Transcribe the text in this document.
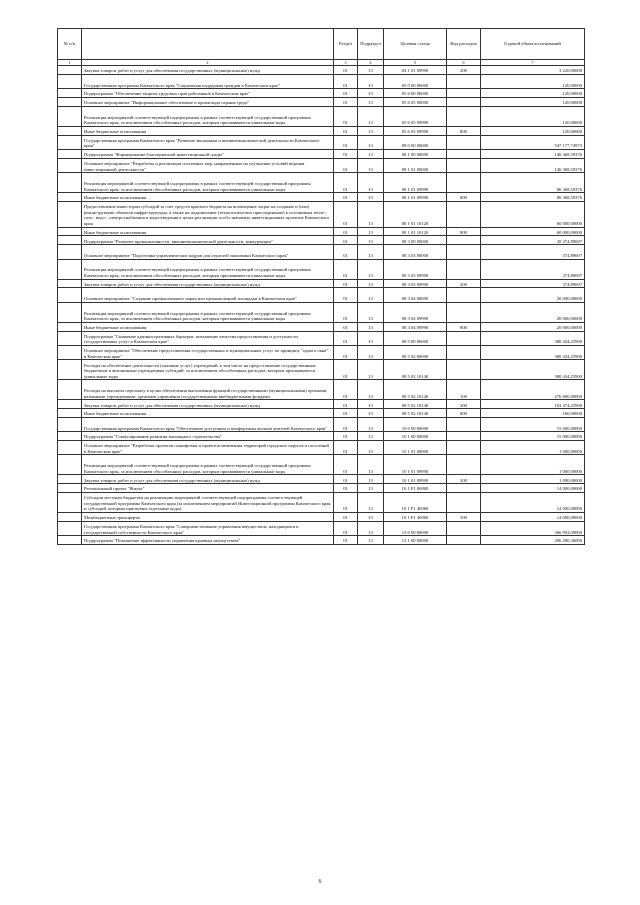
№ п/п		Раздел	Подраздел	Целевая статья	Вид расходов	Годовой объем ассигнований
1	2	3	4	5	6	7
	Закупка товаров, работ и услуг для обеспечения государственных (муниципальных) нужд	01	13	04 1 01 09990	200	3 220,00000
	Государственная программа Камчатского края "Социальная поддержка граждан в Камчатском крае"	01	13	05 0 00 00000		120,00000
	Подпрограмма "Обеспечение защиты трудовых прав работников в Камчатском крае"	01	13	05 6 00 00000		120,00000
	Основное мероприятие "Информационное обеспечение и пропаганда охраны труда"	01	13	05 6 05 00000		120,00000
	Реализация мероприятий соответствующей подпрограммы в рамках соответствующей государственной программы Камчатского края, за исключением обособленных расходов, которым присваиваются уникальные коды	01	13	05 6 05 09990		120,00000
	Иные бюджетные ассигнования	01	13	05 6 05 09990	800	120,00000
	Государственная программа Камчатского края "Развитие экономики и внешнеэкономической деятельности Камчатского края"	01	13	08 0 00 00000		547 177,74973
	Подпрограмма "Формирование благоприятной инвестиционной среды"	01	13	08 1 00 00000		146 368,59376
	Основное мероприятие "Разработка и реализация системных мер, направленных на улучшение условий ведения инвестиционной деятельности"	01	13	08 1 01 00000		146 368,59376
	Реализация мероприятий соответствующей подпрограммы в рамках соответствующей государственной программы Камчатского края, за исключением обособленных расходов, которым присваиваются уникальные коды	01	13	08 1 01 09990		86 368,59376
	Иные бюджетные ассигнования	01	13	08 1 01 09990	800	86 368,59376
	Предоставление инвесторам субсидий за счет средств краевого бюджета на возмещение затрат на создание и (или) реконструкцию объектов инфраструктуры, а также на подключение (технологическое присоединение) к источникам тепло-, газо-, водо-, электроснабжения и водоотведения в целях реализации особо значимых инвестиционных проектов Камчатского края	01	13	08 1 01 10120		60 000,00000
	Иные бюджетные ассигнования	01	13	08 1 01 10120	800	60 000,00000
	Подпрограмма "Развитие промышленности, внешнеэкономической деятельности, конкуренции"	01	13	08 3 00 00000		20 374,89697
	Основное мероприятие "Подготовка управленческих кадров для отраслей экономики Камчатского края"	01	13	08 3 03 00000		374,89697
	Реализация мероприятий соответствующей подпрограммы в рамках соответствующей государственной программы Камчатского края, за исключением обособленных расходов, которым присваиваются уникальные коды	01	13	08 3 03 09990		374,89697
	Закупка товаров, работ и услуг для обеспечения государственных (муниципальных) нужд	01	13	08 3 03 09990	200	374,89697
	Основное мероприятие "Создание промышленного парка или промышленной площадки в Камчатском крае"	01	13	08 3 04 00000		20 000,00000
	Реализация мероприятий соответствующей подпрограммы в рамках соответствующей государственной программы Камчатского края, за исключением обособленных расходов, которым присваиваются уникальные коды	01	13	08 3 04 09990		20 000,00000
	Иные бюджетные ассигнования	01	13	08 3 04 09990	800	20 000,00000
	Подпрограмма "Снижение административных барьеров, повышение качества предоставления и доступности государственных услуг в Камчатском крае"	01	13	08 5 00 00000		380 434,25900
	Основное мероприятие "Обеспечение предоставления государственных и муниципальных услуг по принципу "одного окна" в Камчатском крае"	01	13	08 5 02 00000		380 434,25900
	Расходы на обеспечение деятельности (оказание услуг) учреждений, в том числе на предоставление государственным бюджетным и автономным учреждениям субсидий, за исключением обособленных расходов, которым присваиваются уникальные коды	01	13	08 5 02 10140		380 434,25900
	Расходы на выплаты персоналу в целях обеспечения выполнения функций государственными (муниципальными) органами, казенными учреждениями, органами управления государственными внебюджетными фондами	01	13	08 5 02 10140	100	276 800,00000
	Закупка товаров, работ и услуг для обеспечения государственных (муниципальных) нужд	01	13	08 5 02 10140	200	103 474,25900
	Иные бюджетные ассигнования	01	13	08 5 02 10140	800	160,00000
	Государственная программа Камчатского края "Обеспечение доступным и комфортным жильем жителей Камчатского края"	01	13	10 0 00 00000		15 000,00000
	Подпрограмма "Стимулирование развития жилищного строительства"	01	13	10 1 00 00000		15 000,00000
	Основное мероприятие "Разработка проектов планировки и проектов межевания территорий городских округов и поселений в Камчатском крае"	01	13	10 1 01 00000		1 000,00000
	Реализация мероприятий соответствующей подпрограммы в рамках соответствующей государственной программы Камчатского края, за исключением обособленных расходов, которым присваиваются уникальные коды	01	13	10 1 01 09990		1 000,00000
	Закупка товаров, работ и услуг для обеспечения государственных (муниципальных) нужд	01	13	10 1 01 09990	200	1 000,00000
	Региональный проект "Жилье"	01	13	10 1 F1 00000		14 000,00000
	Субсидии местным бюджетам на реализацию мероприятий соответствующей подпрограммы соответствующей государственной программы Камчатского края (за исключением мероприятий Инвестиционной программы Камчатского края и субсидий, которым присвоены отдельные коды)	01	13	10 1 F1 40060		14 000,00000
	Межбюджетные трансферты	01	13	10 1 F1 40060	500	14 000,00000
	Государственная программа Камчатского края "Совершенствование управления имуществом, находящимся в государственной собственности Камчатского края"	01	13	13 0 00 00000		366 992,09000
	Подпрограмма "Повышение эффективности управления краевым имуществом"	01	13	13 1 00 00000		296 280,36000
6
